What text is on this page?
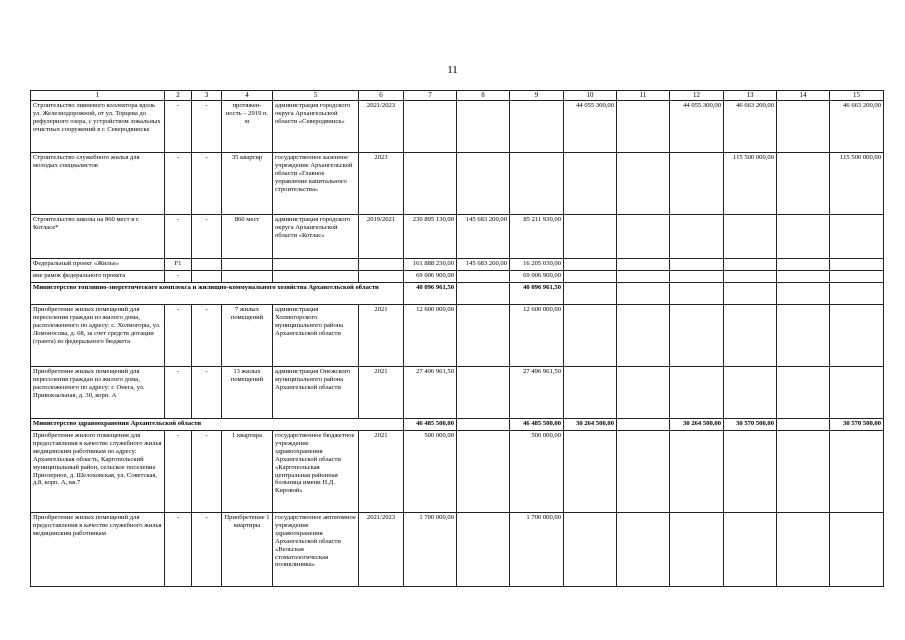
11
1	2	3	4	5	6	7	8	9	10	11	12	13	14	15
Строительство ливневого коллектора вдоль ул. Железнодорожной, от ул. Торцева до рефулерного озера, с устройством локальных очистных сооружений в г. Северодвинске	-	-	протяжен- ность – 2919 п. м	администрация городского округа Архангельской области «Северодвинск»	2021/2023				44 055 300,00		44 055 300,00	46 663 200,00		46 663 200,00
Строительство служебного жилья для молодых специалистов	-	-	35 квартир	государственное казенное учреждение Архангельской области «Главное управление капитального строительства»	2023							115 500 000,00		115 500 000,00
Строительство школы на 860 мест в г. Котласе*	-	-	860 мест	администрация городского округа Архангельской области «Котлас»	2019/2021	230 895 130,00	145 683 200,00	85 211 930,00						
Федеральный проект «Жилье»	F1					161 888 230,00	145 683 200,00	16 205 030,00						
вне рамок федерального проекта	-					69 006 900,00		69 006 900,00						
Министерство топливно-энергетического комплекса и жилищно-коммунального хозяйства Архангельской области						40 096 961,50		40 096 961,50						
Приобретение жилых помещений для переселения граждан из жилого дома, расположенного по адресу: с. Холмогоры, ул. Ломоносова, д. 68, за счет средств дотации (гранта) из федерального бюджета	-	-	7 жилых помещений	администрация Холмогорского муниципального района Архангельской области	2021	12 600 000,00		12 600 000,00						
Приобретение жилых помещений для переселения граждан из жилого дома, расположенного по адресу: г. Онега, ул. Привокзальная, д. 30, корп. А	-	-	13 жилых помещений	администрация Онежского муниципального района Архангельской области	2021	27 496 961,50		27 496 961,50						
Министерство здравоохранения Архангельской области						46 485 500,00		46 485 500,00	30 264 500,00		30 264 500,00	30 570 500,00		30 570 500,00
Приобретение жилого помещения для предоставления в качестве служебного жилья медицинским работникам по адресу: Архангельская область, Каргопольский муниципальный район, сельское поселение Приозерное, д. Шелоховская, ул. Советская, д.8, корп. А, кв.7	-	-	1 квартира	государственное бюджетное учреждение здравоохранения Архангельской области «Каргопольская центральная районная больница имени Н.Д. Кировой»	2021	500 000,00		500 000,00						
Приобретение жилых помещений для предоставления в качестве служебного жилья медицинским работникам	-	-	Приобретение 1 квартиры	государственное автономное учреждение здравоохранения Архангельской области «Вельская стоматологическая поликлиника»	2021/2023	1 700 000,00		1 700 000,00						
